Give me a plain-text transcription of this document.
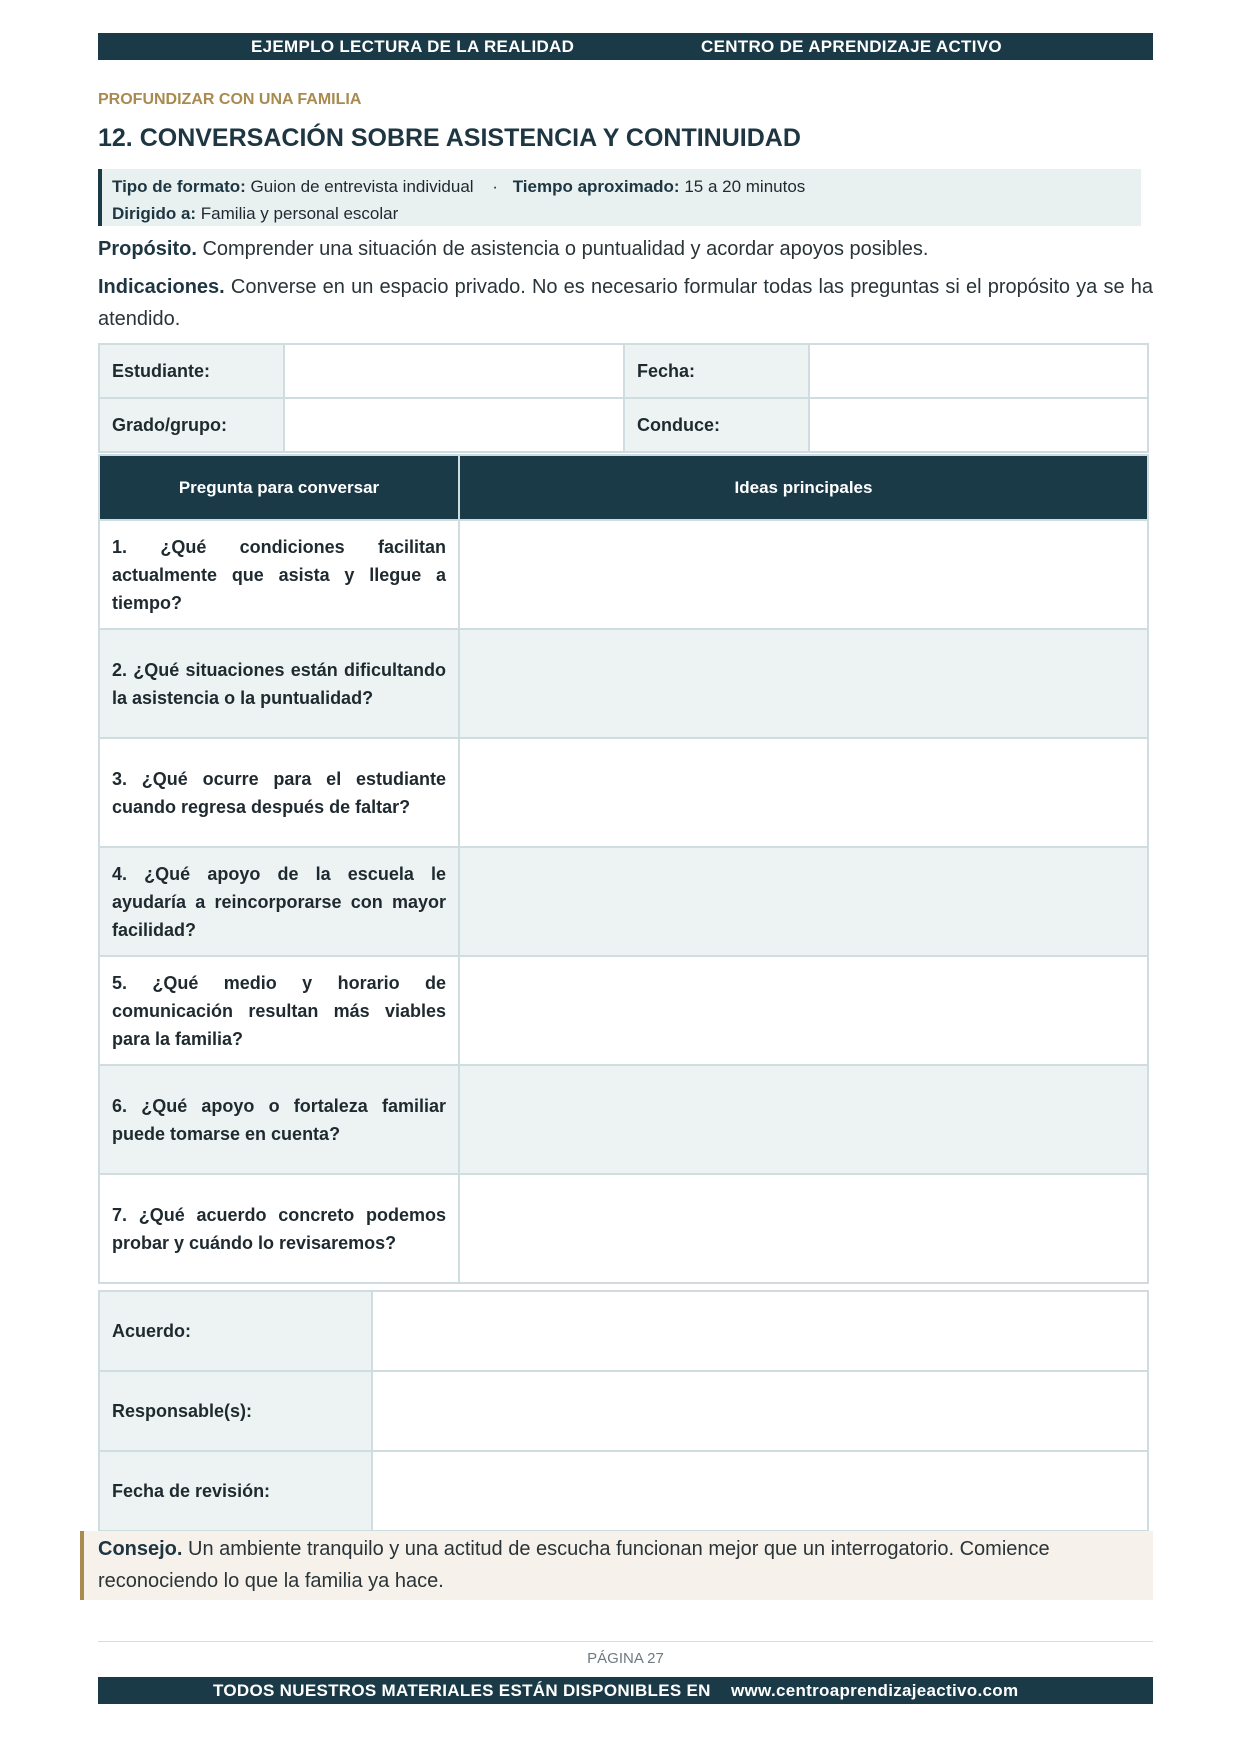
EJEMPLO LECTURA DE LA REALIDAD	CENTRO DE APRENDIZAJE ACTIVO
PROFUNDIZAR CON UNA FAMILIA
12. CONVERSACIÓN SOBRE ASISTENCIA Y CONTINUIDAD
Tipo de formato: Guion de entrevista individual · Tiempo aproximado: 15 a 20 minutos
Dirigido a: Familia y personal escolar
Propósito. Comprender una situación de asistencia o puntualidad y acordar apoyos posibles.
Indicaciones. Converse en un espacio privado. No es necesario formular todas las preguntas si el propósito ya se ha atendido.
Estudiante:		Fecha:	
Grado/grupo:		Conduce:	
Pregunta para conversar	Ideas principales
1. ¿Qué condiciones facilitan actualmente que asista y llegue a tiempo?	
2. ¿Qué situaciones están dificultando la asistencia o la puntualidad?	
3. ¿Qué ocurre para el estudiante cuando regresa después de faltar?	
4. ¿Qué apoyo de la escuela le ayudaría a reincorporarse con mayor facilidad?	
5. ¿Qué medio y horario de comunicación resultan más viables para la familia?	
6. ¿Qué apoyo o fortaleza familiar puede tomarse en cuenta?	
7. ¿Qué acuerdo concreto podemos probar y cuándo lo revisaremos?	
Acuerdo:	
Responsable(s):	
Fecha de revisión:	
Consejo. Un ambiente tranquilo y una actitud de escucha funcionan mejor que un interrogatorio. Comience reconociendo lo que la familia ya hace.
PÁGINA 27
TODOS NUESTROS MATERIALES ESTÁN DISPONIBLES EN www.centroaprendizajeactivo.com
